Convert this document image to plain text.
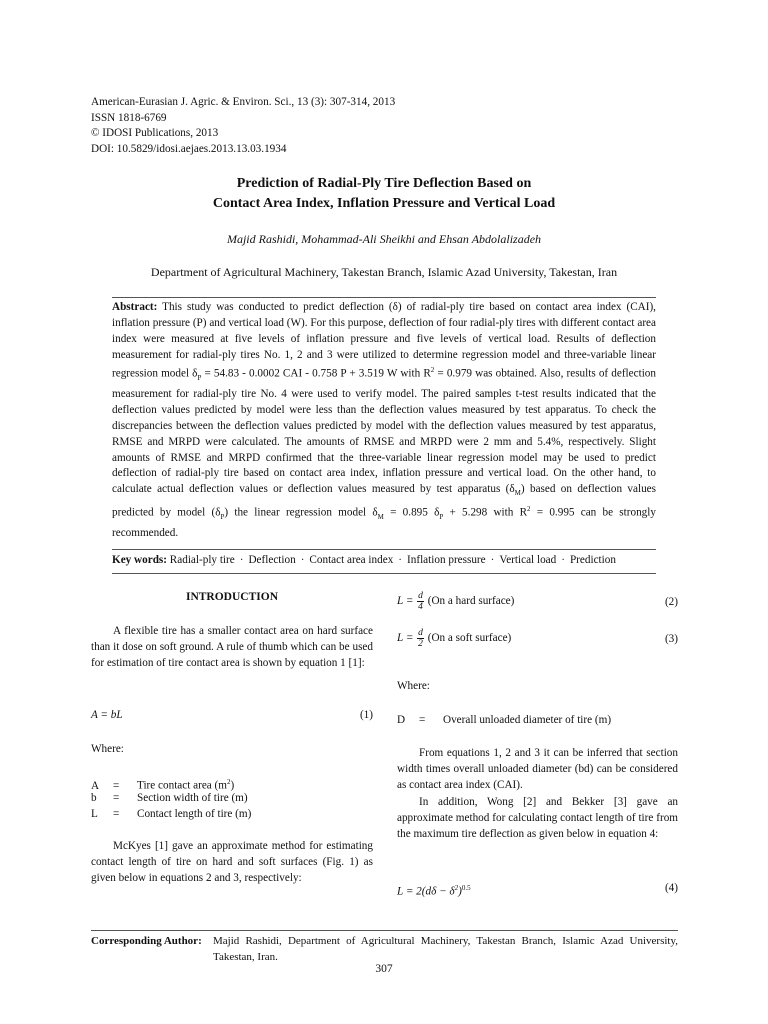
American-Eurasian J. Agric. & Environ. Sci., 13 (3): 307-314, 2013
ISSN 1818-6769
© IDOSI Publications, 2013
DOI: 10.5829/idosi.aejaes.2013.13.03.1934
Prediction of Radial-Ply Tire Deflection Based on
Contact Area Index, Inflation Pressure and Vertical Load
Majid Rashidi, Mohammad-Ali Sheikhi and Ehsan Abdolalizadeh
Department of Agricultural Machinery, Takestan Branch, Islamic Azad University, Takestan, Iran
Abstract: This study was conducted to predict deflection (δ) of radial-ply tire based on contact area index (CAI), inflation pressure (P) and vertical load (W). For this purpose, deflection of four radial-ply tires with different contact area index were measured at five levels of inflation pressure and five levels of vertical load. Results of deflection measurement for radial-ply tires No. 1, 2 and 3 were utilized to determine regression model and three-variable linear regression model $\delta_P = 54.83 - 0.0002$ CAI - 0.758 P + 3.519 W with $R^2 = 0.979$ was obtained. Also, results of deflection measurement for radial-ply tire No. 4 were used to verify model. The paired samples t-test results indicated that the deflection values predicted by model were less than the deflection values measured by test apparatus. To check the discrepancies between the deflection values predicted by model with the deflection values measured by test apparatus, RMSE and MRPD were calculated. The amounts of RMSE and MRPD were 2 mm and 5.4%, respectively. Slight amounts of RMSE and MRPD confirmed that the three-variable linear regression model may be used to predict deflection of radial-ply tire based on contact area index, inflation pressure and vertical load. On the other hand, to calculate actual deflection values or deflection values measured by test apparatus $(\delta_M)$ based on deflection values predicted by model $(\delta_P)$ the linear regression model $\delta_M = 0.895$ $\delta_P + 5.298$ with $R^2 = 0.995$ can be strongly recommended.
Key words: Radial-ply tire · Deflection · Contact area index · Inflation pressure · Vertical load · Prediction
INTRODUCTION
A flexible tire has a smaller contact area on hard surface than it dose on soft ground. A rule of thumb which can be used for estimation of tire contact area is shown by equation 1 [1]:
A = bL	(1)
Where:
A = Tire contact area $(m^2)$
b = Section width of tire (m)
L = Contact length of tire (m)
McKyes [1] gave an approximate method for estimating contact length of tire on hard and soft surfaces (Fig. 1) as given below in equations 2 and 3, respectively:
$L = \frac{d}{4} (On$ a hard surface)	(2)
$L = \frac{d}{2} (On$ a soft surface)	(3)
Where:
D = Overall unloaded diameter of tire (m)
From equations 1, 2 and 3 it can be inferred that section width times overall unloaded diameter (bd) can be considered as contact area index (CAI).
In addition, Wong [2] and Bekker [3] gave an approximate method for calculating contact length of tire from the maximum tire deflection as given below in equation 4:
$L = 2(d\delta - \delta^2)^{0.5}$	(4)
Corresponding Author: Majid Rashidi, Department of Agricultural Machinery, Takestan Branch, Islamic Azad University, Takestan, Iran.
307
